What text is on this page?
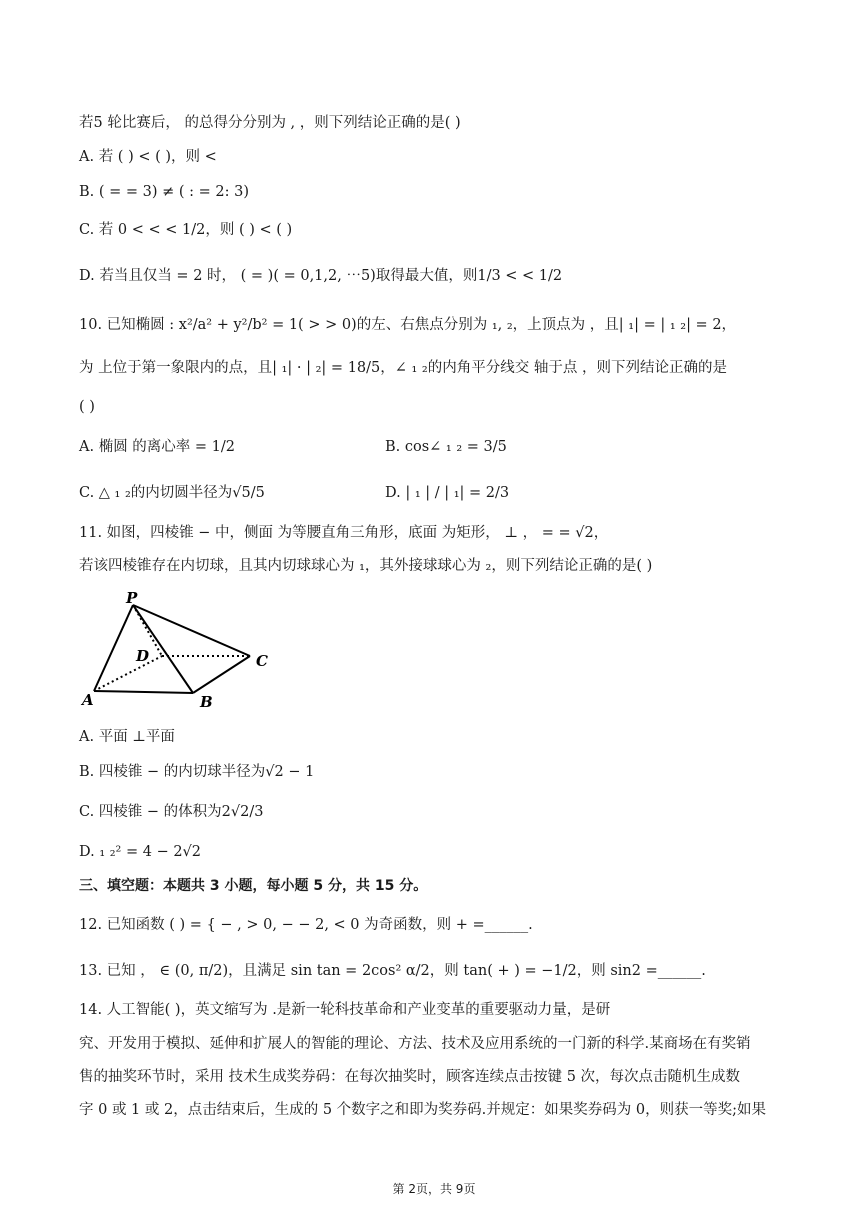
若5 轮比赛后， 的总得分分别为 , ，则下列结论正确的是( )
A. 若 ( ) < ( )，则 <
B. ( = = 3) ≠ ( : = 2: 3)
C. 若 0 < < < 1/2，则 ( ) < ( )
D. 若当且仅当 = 2 时， ( = )( = 0,1,2, ⋯5)取得最大值，则1/3 < < 1/2
10. 已知椭圆 : x²/a² + y²/b² = 1( > > 0)的左、右焦点分别为 ₁, ₂，上顶点为 ，且| ₁| = | ₁ ₂| = 2，
为 上位于第一象限内的点，且| ₁| · | ₂| = 18/5，∠ ₁ ₂的内角平分线交 轴于点 ，则下列结论正确的是
( )
A. 椭圆 的离心率 = 1/2	B. cos∠ ₁ ₂ = 3/5
C. △ ₁ ₂的内切圆半径为√5/5	D. | ₁ | / | ₁| = 2/3
11. 如图，四棱锥 − 中，侧面 为等腰直角三角形，底面 为矩形， ⊥ ， = = √2，
若该四棱锥存在内切球，且其内切球球心为 ₁，其外接球球心为 ₂，则下列结论正确的是( )
P
D	C
A	B
A. 平面 ⊥平面
B. 四棱锥 − 的内切球半径为√2 − 1
C. 四棱锥 − 的体积为2√2/3
D. ₁ ₂² = 4 − 2√2
三、填空题：本题共 3 小题，每小题 5 分，共 15 分。
12. 已知函数 ( ) = { − , > 0, − − 2, < 0 为奇函数，则 + =______.
13. 已知 ， ∈ (0, π/2)，且满足 sin tan = 2cos² α/2，则 tan( + ) = −1/2，则 sin2 =______.
14. 人工智能( )，英文缩写为 .是新一轮科技革命和产业变革的重要驱动力量，是研
究、开发用于模拟、延伸和扩展人的智能的理论、方法、技术及应用系统的一门新的科学.某商场在有奖销
售的抽奖环节时，采用 技术生成奖券码：在每次抽奖时，顾客连续点击按键 5 次，每次点击随机生成数
字 0 或 1 或 2，点击结束后，生成的 5 个数字之和即为奖券码.并规定：如果奖券码为 0，则获一等奖;如果
第 2页，共 9页
